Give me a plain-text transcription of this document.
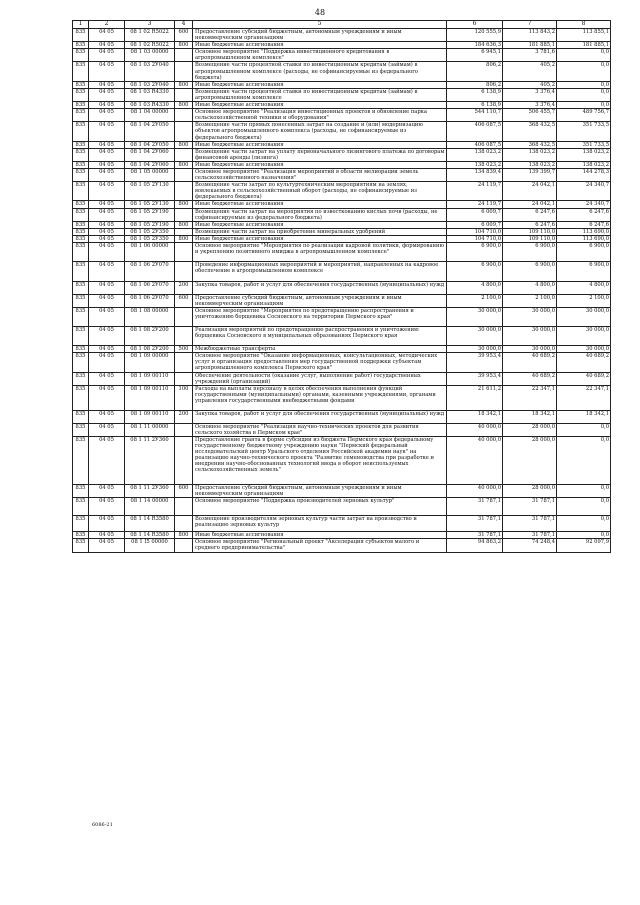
48
1	2	3	4	5	6	7	8
835	04 05	08 1 02 R5022	600	Предоставление субсидий бюджетным, автономным учреждениям и иным некоммерческим организациям	120 555,9	113 843,2	113 855,1
835	04 05	08 1 02 R5022	800	Иные бюджетные ассигнования	184 636,3	181 885,1	181 885,1
835	04 05	08 1 03 00000		Основное мероприятие "Поддержка инвестиционного кредитования в агропромышленном комплексе"	6 945,1	3 781,6	0,0
835	04 05	08 1 03 2У040		Возмещение части процентной ставки по инвестиционным кредитам (займам) в агропромышленном комплексе (расходы, не софинансируемые из федерального бюджета)	806,2	405,2	0,0
835	04 05	08 1 03 2У040	800	Иные бюджетные ассигнования	806,2	405,2	0,0
835	04 05	08 1 03 R4330		Возмещение части процентной ставки по инвестиционным кредитам (займам) в агропромышленном комплексе	6 138,9	3 376,4	0,0
835	04 05	08 1 03 R4330	800	Иные бюджетные ассигнования	6 138,9	3 376,4	0,0
835	04 05	08 1 04 00000		Основное мероприятие "Реализация инвестиционных проектов и обновление парка сельскохозяйственной техники и оборудования"	544 110,7	506 455,7	489 756,7
835	04 05	08 1 04 2У050		Возмещение части прямых понесенных затрат на создание и (или) модернизацию объектов агропромышленного комплекса (расходы, не софинансируемые из федерального бюджета)	406 087,5	368 432,5	351 733,5
835	04 05	08 1 04 2У050	800	Иные бюджетные ассигнования	406 087,5	368 432,5	351 733,5
835	04 05	08 1 04 2У060		Возмещение части затрат на уплату первоначального лизингового платежа по договорам финансовой аренды (лизинга)	138 023,2	138 023,2	138 023,2
835	04 05	08 1 04 2У060	800	Иные бюджетные ассигнования	138 023,2	138 023,2	138 023,2
835	04 05	08 1 05 00000		Основное мероприятие "Реализация мероприятий в области мелиорации земель сельскохозяйственного назначения"	134 839,4	139 399,7	144 278,3
835	04 05	08 1 05 2У130		Возмещение части затрат по культуртехническим мероприятиям на землях, вовлекаемых в сельскохозяйственный оборот (расходы, не софинансируемые из федерального бюджета)	24 119,7	24 042,1	24 340,7
835	04 05	08 1 05 2У130	800	Иные бюджетные ассигнования	24 119,7	24 042,1	24 340,7
835	04 05	08 1 05 2У190		Возмещение части затрат на мероприятия по известкованию кислых почв (расходы, не софинансируемые из федерального бюджета)	6 009,7	6 247,6	6 247,6
835	04 05	08 1 05 2У190	800	Иные бюджетные ассигнования	6 009,7	6 247,6	6 247,6
835	04 05	08 1 05 2У350		Возмещение части затрат на приобретение минеральных удобрений	104 710,0	109 110,0	113 690,0
835	04 05	08 1 05 2У350	800	Иные бюджетные ассигнования	104 710,0	109 110,0	113 690,0
835	04 05	08 1 06 00000		Основное мероприятие "Мероприятия по реализации кадровой политики, формированию и укреплению позитивного имиджа в агропромышленном комплексе"	6 900,0	6 900,0	6 900,0
835	04 05	08 1 06 2У070		Проведение информационных мероприятий и мероприятий, направленных на кадровое обеспечение в агропромышленном комплексе	6 900,0	6 900,0	6 900,0
835	04 05	08 1 06 2У070	200	Закупка товаров, работ и услуг для обеспечения государственных (муниципальных) нужд	4 800,0	4 800,0	4 800,0
835	04 05	08 1 06 2У070	600	Предоставление субсидий бюджетным, автономным учреждениям и иным некоммерческим организациям	2 100,0	2 100,0	2 100,0
835	04 05	08 1 08 00000		Основное мероприятие "Мероприятия по предотвращению распространения и уничтожению борщевика Сосновского на территории Пермского края"	30 000,0	30 000,0	30 000,0
835	04 05	08 1 08 2У200		Реализация мероприятий по предотвращению распространения и уничтожению борщевика Сосновского в муниципальных образованиях Пермского края	30 000,0	30 000,0	30 000,0
835	04 05	08 1 08 2У200	500	Межбюджетные трансферты	30 000,0	30 000,0	30 000,0
835	04 05	08 1 09 00000		Основное мероприятие "Оказание информационных, консультационных, методических услуг и организация предоставления мер государственной поддержки субъектам агропромышленного комплекса Пермского края"	39 953,4	40 689,2	40 689,2
835	04 05	08 1 09 00110		Обеспечение деятельности (оказание услуг, выполнение работ) государственных учреждений (организаций)	39 953,4	40 689,2	40 689,2
835	04 05	08 1 09 00110	100	Расходы на выплаты персоналу в целях обеспечения выполнения функций государственными (муниципальными) органами, казенными учреждениями, органами управления государственными внебюджетными фондами	21 611,2	22 347,1	22 347,1
835	04 05	08 1 09 00110	200	Закупка товаров, работ и услуг для обеспечения государственных (муниципальных) нужд	18 342,1	18 342,1	18 342,1
835	04 05	08 1 11 00000		Основное мероприятие "Реализация научно-технических проектов для развития сельского хозяйства в Пермском крае"	40 000,0	28 000,0	0,0
835	04 05	08 1 11 2У360		Предоставление гранта в форме субсидии из бюджета Пермского края федеральному государственному бюджетному учреждению науки "Пермский федеральный исследовательский центр Уральского отделения Российской академии наук" на реализацию научно-технического проекта "Развитие семеноводства при разработке и внедрении научно-обоснованных технологий ввода в оборот неиспользуемых сельскохозяйственных земель"	40 000,0	28 000,0	0,0
835	04 05	08 1 11 2У360	600	Предоставление субсидий бюджетным, автономным учреждениям и иным некоммерческим организациям	40 000,0	28 000,0	0,0
835	04 05	08 1 14 00000		Основное мероприятие "Поддержка производителей зерновых культур"	31 787,1	31 787,1	0,0
835	04 05	08 1 14 R3580		Возмещение производителям зерновых культур части затрат на производство и реализацию зерновых культур	31 787,1	31 787,1	0,0
835	04 05	08 1 14 R3580	800	Иные бюджетные ассигнования	31 787,1	31 787,1	0,0
835	04 05	08 1 I5 00000		Основное мероприятие "Региональный проект "Акселерация субъектов малого и среднего предпринимательства"	94 863,2	74 248,4	92 097,9
6086-21
